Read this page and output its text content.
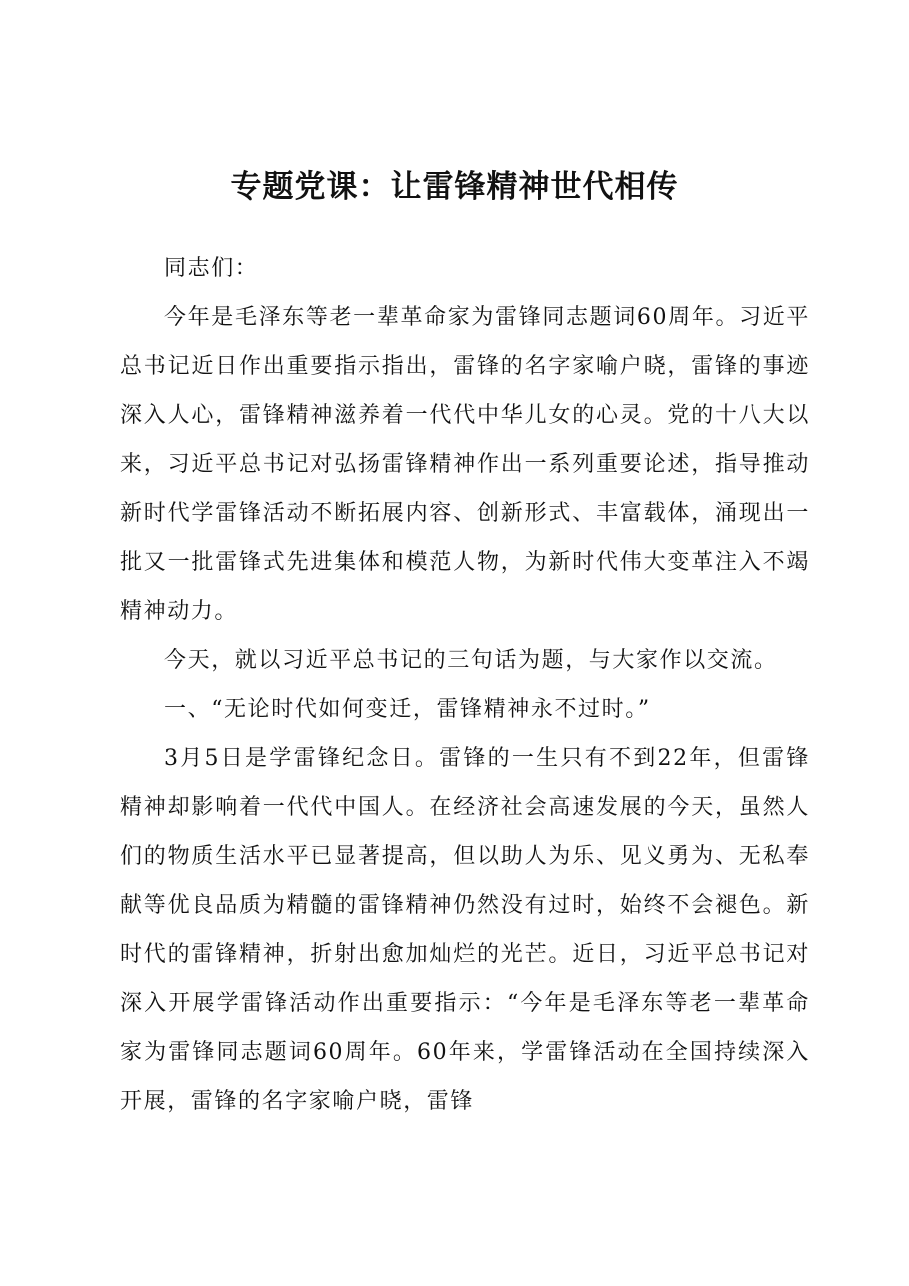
专题党课：让雷锋精神世代相传

同志们：

今年是毛泽东等老一辈革命家为雷锋同志题词60周年。习近平总书记近日作出重要指示指出，雷锋的名字家喻户晓，雷锋的事迹深入人心，雷锋精神滋养着一代代中华儿女的心灵。党的十八大以来，习近平总书记对弘扬雷锋精神作出一系列重要论述，指导推动新时代学雷锋活动不断拓展内容、创新形式、丰富载体，涌现出一批又一批雷锋式先进集体和模范人物，为新时代伟大变革注入不竭精神动力。

今天，就以习近平总书记的三句话为题，与大家作以交流。

一、“无论时代如何变迁，雷锋精神永不过时。”

3月5日是学雷锋纪念日。雷锋的一生只有不到22年，但雷锋精神却影响着一代代中国人。在经济社会高速发展的今天，虽然人们的物质生活水平已显著提高，但以助人为乐、见义勇为、无私奉献等优良品质为精髓的雷锋精神仍然没有过时，始终不会褪色。新时代的雷锋精神，折射出愈加灿烂的光芒。近日，习近平总书记对深入开展学雷锋活动作出重要指示：“今年是毛泽东等老一辈革命家为雷锋同志题词60周年。60年来，学雷锋活动在全国持续深入开展，雷锋的名字家喻户晓，雷锋
